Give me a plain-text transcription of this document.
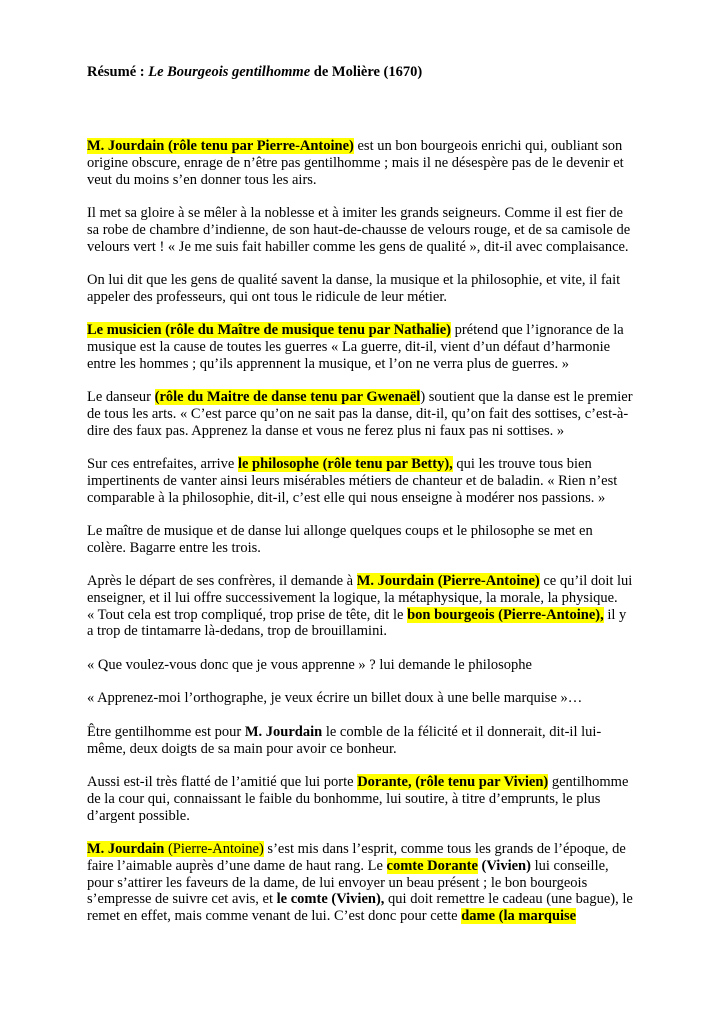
Résumé : Le Bourgeois gentilhomme de Molière (1670)
M. Jourdain (rôle tenu par Pierre-Antoine) est un bon bourgeois enrichi qui, oubliant son
origine obscure, enrage de n’être pas gentilhomme ; mais il ne désespère pas de le devenir et
veut du moins s’en donner tous les airs.
Il met sa gloire à se mêler à la noblesse et à imiter les grands seigneurs. Comme il est fier de
sa robe de chambre d’indienne, de son haut-de-chausse de velours rouge, et de sa camisole de
velours vert ! « Je me suis fait habiller comme les gens de qualité », dit-il avec complaisance.
On lui dit que les gens de qualité savent la danse, la musique et la philosophie, et vite, il fait
appeler des professeurs, qui ont tous le ridicule de leur métier.
Le musicien (rôle du Maître de musique tenu par Nathalie) prétend que l’ignorance de la
musique est la cause de toutes les guerres « La guerre, dit-il, vient d’un défaut d’harmonie
entre les hommes ; qu’ils apprennent la musique, et l’on ne verra plus de guerres. »
Le danseur (rôle du Maitre de danse tenu par Gwenaël) soutient que la danse est le premier
de tous les arts. « C’est parce qu’on ne sait pas la danse, dit-il, qu’on fait des sottises, c’est-à-
dire des faux pas. Apprenez la danse et vous ne ferez plus ni faux pas ni sottises. »
Sur ces entrefaites, arrive le philosophe (rôle tenu par Betty), qui les trouve tous bien
impertinents de vanter ainsi leurs misérables métiers de chanteur et de baladin. « Rien n’est
comparable à la philosophie, dit-il, c’est elle qui nous enseigne à modérer nos passions. »
Le maître de musique et de danse lui allonge quelques coups et le philosophe se met en
colère. Bagarre entre les trois.
Après le départ de ses confrères, il demande à M. Jourdain (Pierre-Antoine) ce qu’il doit lui
enseigner, et il lui offre successivement la logique, la métaphysique, la morale, la physique.
« Tout cela est trop compliqué, trop prise de tête, dit le bon bourgeois (Pierre-Antoine), il y
a trop de tintamarre là-dedans, trop de brouillamini.
« Que voulez-vous donc que je vous apprenne » ? lui demande le philosophe
« Apprenez-moi l’orthographe, je veux écrire un billet doux à une belle marquise »…
Être gentilhomme est pour M. Jourdain le comble de la félicité et il donnerait, dit-il lui-
même, deux doigts de sa main pour avoir ce bonheur.
Aussi est-il très flatté de l’amitié que lui porte Dorante, (rôle tenu par Vivien) gentilhomme
de la cour qui, connaissant le faible du bonhomme, lui soutire, à titre d’emprunts, le plus
d’argent possible.
M. Jourdain (Pierre-Antoine) s’est mis dans l’esprit, comme tous les grands de l’époque, de
faire l’aimable auprès d’une dame de haut rang. Le comte Dorante (Vivien) lui conseille,
pour s’attirer les faveurs de la dame, de lui envoyer un beau présent ; le bon bourgeois
s’empresse de suivre cet avis, et le comte (Vivien), qui doit remettre le cadeau (une bague), le
remet en effet, mais comme venant de lui. C’est donc pour cette dame (la marquise
